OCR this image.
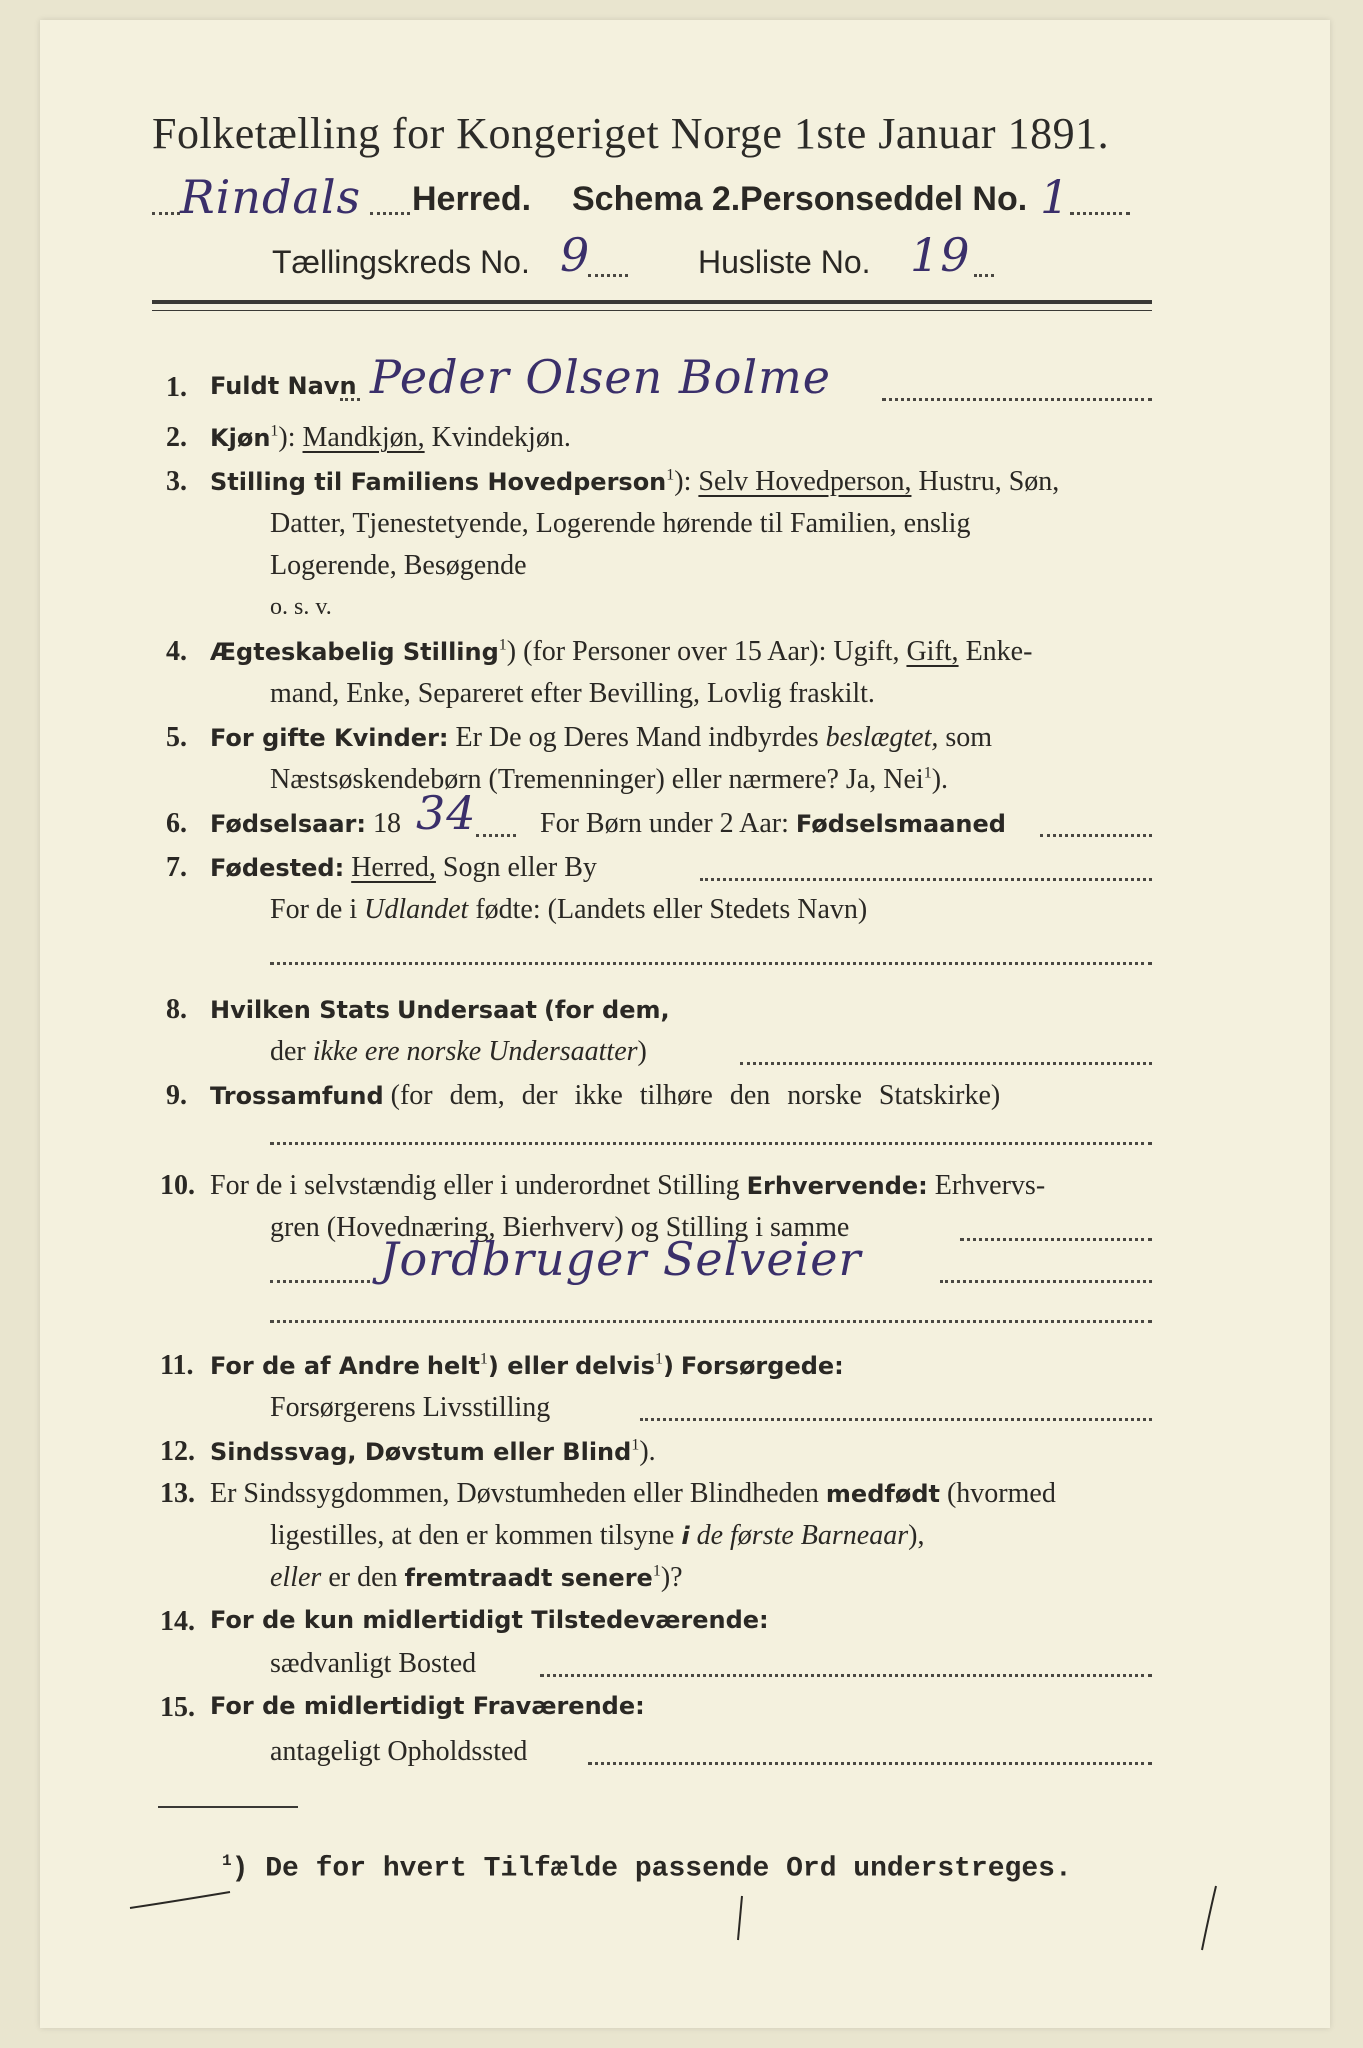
Folketælling for Kongeriget Norge 1ste Januar 1891.
Rindals Herred. Schema 2. Personseddel No. 1
Tællingskreds No. 9	Husliste No. 19
1. Fuldt Navn Peder Olsen Bolme
2. Kjøn$^1$): Mandkjøn, Kvindekjøn.
3. Stilling til Familiens Hovedperson$^1$): Selv Hovedperson, Hustru, Søn,
Datter, Tjenestetyende, Logerende hørende til Familien, enslig
Logerende, Besøgende
o. s. v.
4. Ægteskabelig Stilling$^1$) (for Personer over 15 Aar): Ugift, Gift, Enke-
mand, Enke, Separeret efter Bevilling, Lovlig fraskilt.
5. For gifte Kvinder: Er De og Deres Mand indbyrdes beslægtet, som
Næstsøskendebørn (Tremenninger) eller nærmere? Ja, Nei$^1$).
6. Fødselsaar: 18 34 For Børn under 2 Aar: Fødselsmaaned
7. Fødested: Herred, Sogn eller By
For de i Udlandet fødte: (Landets eller Stedets Navn)
8. Hvilken Stats Undersaat (for dem,
der ikke ere norske Undersaatter)
9. Trossamfund (for dem, der ikke tilhøre den norske Statskirke)
10. For de i selvstændig eller i underordnet Stilling Erhvervende: Erhvervs-
gren (Hovednæring, Bierhverv) og Stilling i samme
Jordbruger Selveier
11. For de af Andre helt$^1$) eller delvis$^1$) Forsørgede:
Forsørgerens Livsstilling
12. Sindssvag, Døvstum eller Blind$^1$).
13. Er Sindssygdommen, Døvstumheden eller Blindheden medfødt (hvormed
ligestilles, at den er kommen tilsyne i de første Barneaar),
eller er den fremtraadt senere$^1$)?
14. For de kun midlertidigt Tilstedeværende:
sædvanligt Bosted
15. For de midlertidigt Fraværende:
antageligt Opholdssted
$^1$) De for hvert Tilfælde passende Ord understreges.
